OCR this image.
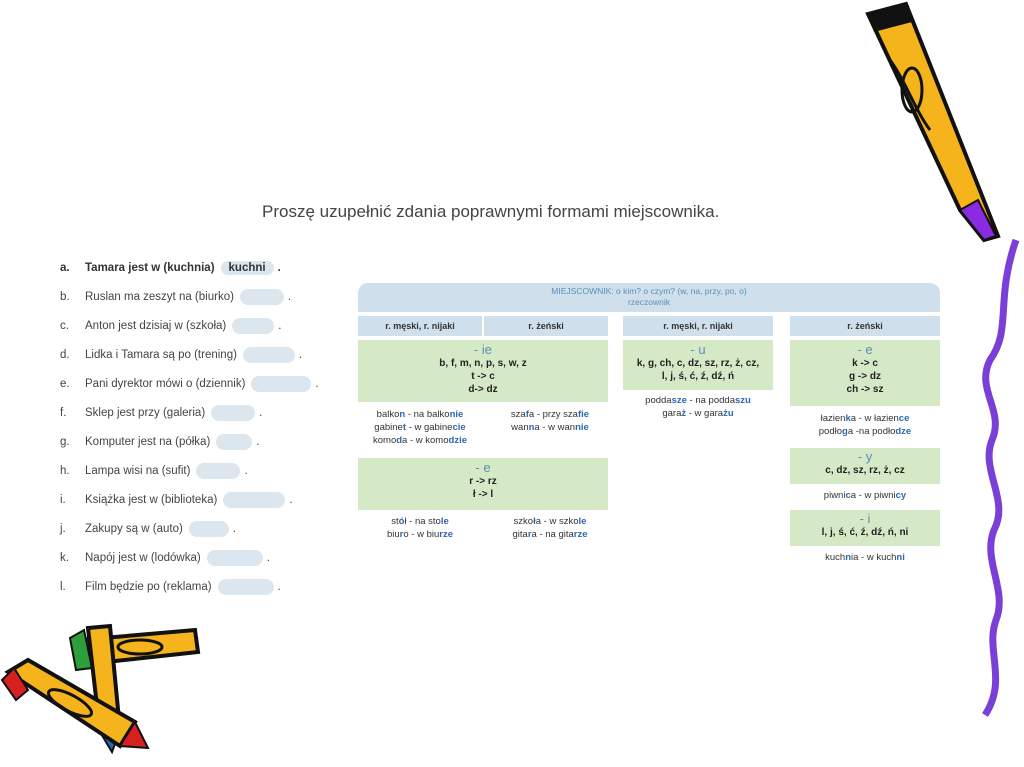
Proszę uzupełnić zdania poprawnymi formami miejscownika.
a.	Tamara jest w (kuchnia)	kuchni	.
b.	Ruslan ma zeszyt na (biurko)	.
c.	Anton jest dzisiaj w (szkoła)	.
d.	Lidka i Tamara są po (trening)	.
e.	Pani dyrektor mówi o (dziennik)	.
f.	Sklep jest przy (galeria)	.
g.	Komputer jest na (półka)	.
h.	Lampa wisi na (sufit)	.
i.	Książka jest w (biblioteka)	.
j.	Zakupy są w (auto)	.
k.	Napój jest w (lodówka)	.
l.	Film będzie po (reklama)	.
MIEJSCOWNIK: o kim? o czym? (w, na, przy, po, o)
rzeczownik
r. męski, r. nijaki	r. żeński	r. męski, r. nijaki	r. żeński
- ie
b, f, m, n, p, s, w, z
t -> c
d-> dz
balkon - na balkonie
gabinet - w gabinecie
komoda - w komodzie
szafa - przy szafie
wanna - w wannie
- e
r -> rz
ł -> l
stół - na stole
biuro - w biurze
szkoła - w szkole
gitara - na gitarze
- u
k, g, ch, c, dz, sz, rz, ż, cz,
l, j, ś, ć, ź, dź, ń
poddasze - na poddaszu
garaż - w garażu
- e
k -> c
g -> dz
ch -> sz
łazienka - w łazience
podłoga -na podłodze
- y
c, dz, sz, rz, ż, cz
piwnica - w piwnicy
- i
l, j, ś, ć, ź, dź, ń, ni
kuchnia - w kuchni
